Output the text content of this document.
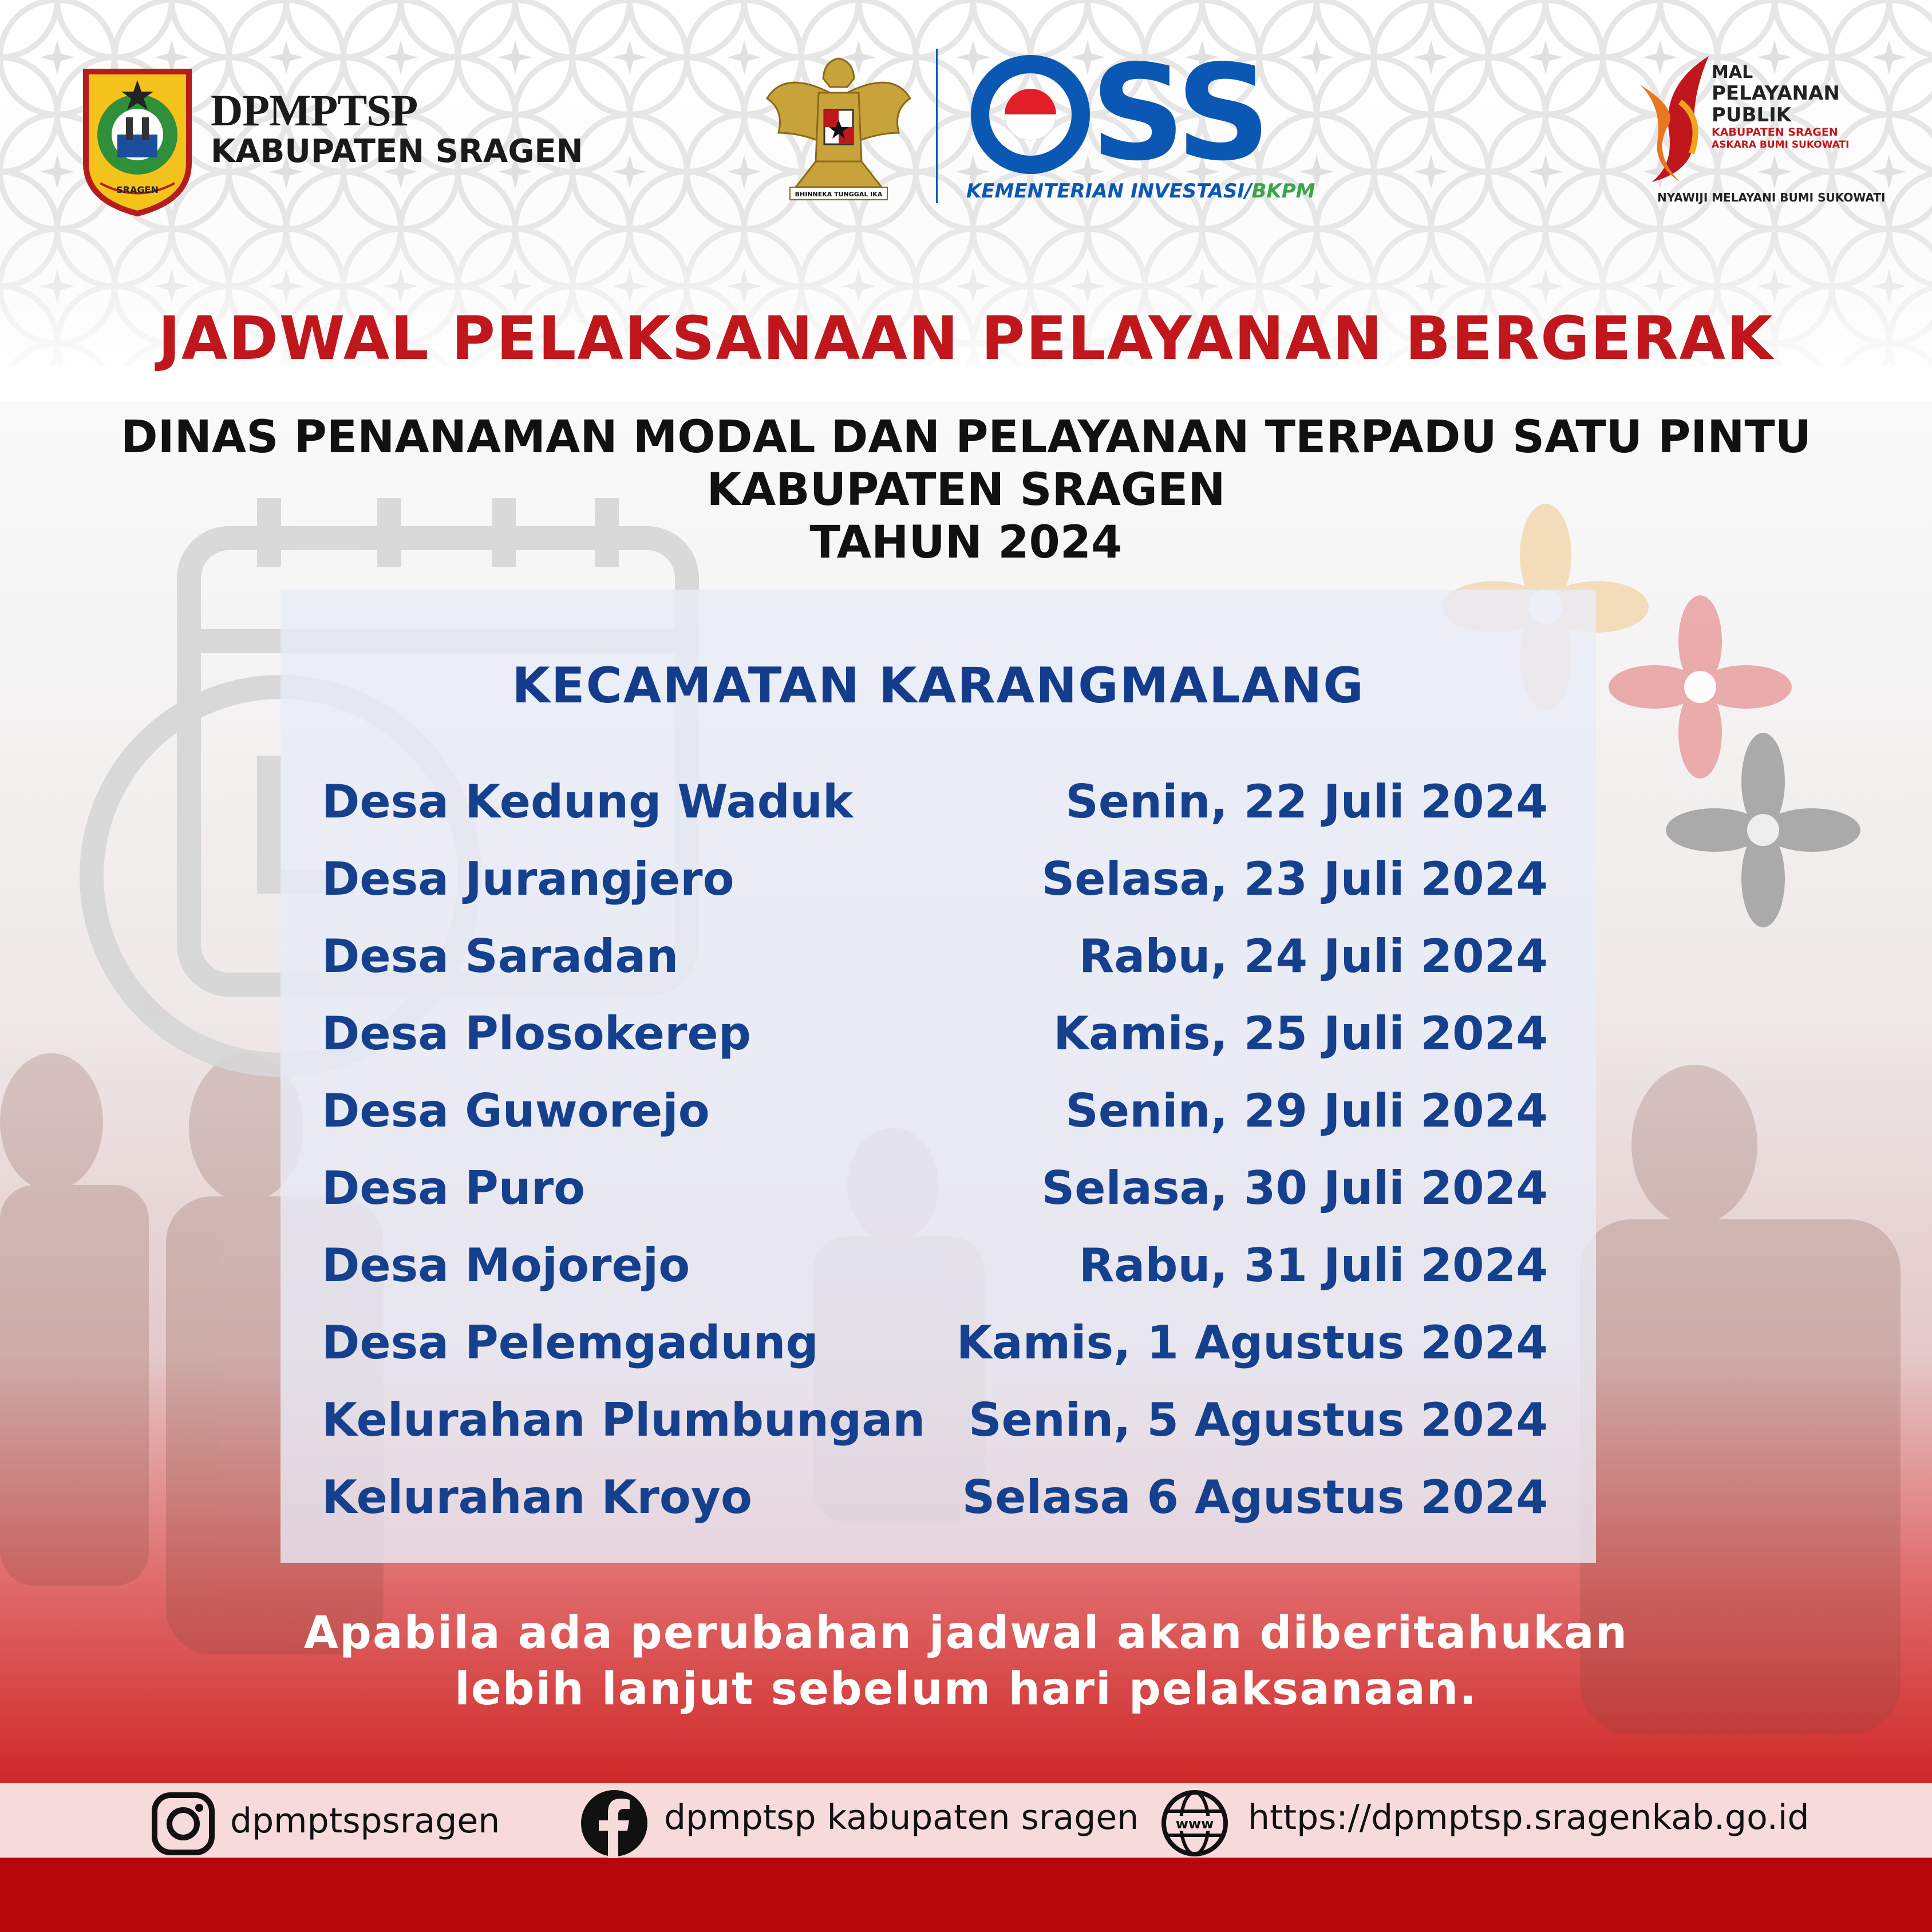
SRAGEN
DPMPTSP
KABUPATEN SRAGEN
BHINNEKA TUNGGAL IKA
SS
KEMENTERIAN INVESTASI/BKPM
MAL
PELAYANAN
PUBLIK
KABUPATEN SRAGEN
ASKARA BUMI SUKOWATI
NYAWIJI MELAYANI BUMI SUKOWATI
JADWAL PELAKSANAAN PELAYANAN BERGERAK
DINAS PENANAMAN MODAL DAN PELAYANAN TERPADU SATU PINTU
KABUPATEN SRAGEN
TAHUN 2024
KECAMATAN KARANGMALANG
Desa Kedung Waduk	Senin, 22 Juli 2024
Desa Jurangjero	Selasa, 23 Juli 2024
Desa Saradan	Rabu, 24 Juli 2024
Desa Plosokerep	Kamis, 25 Juli 2024
Desa Guworejo	Senin, 29 Juli 2024
Desa Puro	Selasa, 30 Juli 2024
Desa Mojorejo	Rabu, 31 Juli 2024
Desa Pelemgadung	Kamis, 1 Agustus 2024
Kelurahan Plumbungan Senin, 5 Agustus 2024
Kelurahan Kroyo	Selasa 6 Agustus 2024
Apabila ada perubahan jadwal akan diberitahukan
lebih lanjut sebelum hari pelaksanaan.
dpmptspsragen	dpmptsp kabupaten sragen	www https://dpmptsp.sragenkab.go.id
